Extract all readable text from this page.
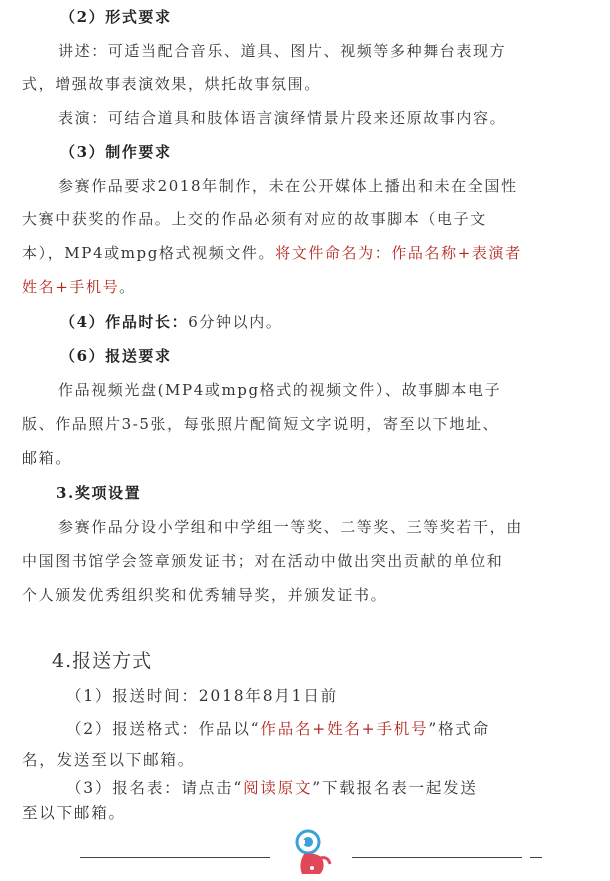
（2）形式要求
讲述：可适当配合音乐、道具、图片、视频等多种舞台表现方
式，增强故事表演效果，烘托故事氛围。
表演：可结合道具和肢体语言演绎情景片段来还原故事内容。
（3）制作要求
参赛作品要求2018年制作，未在公开媒体上播出和未在全国性
大赛中获奖的作品。上交的作品必须有对应的故事脚本（电子文
本），MP4或mpg格式视频文件。将文件命名为：作品名称+表演者
姓名+手机号。
（4）作品时长：6分钟以内。
（6）报送要求
作品视频光盘(MP4或mpg格式的视频文件）、故事脚本电子
版、作品照片3-5张，每张照片配简短文字说明，寄至以下地址、
邮箱。
3.奖项设置
参赛作品分设小学组和中学组一等奖、二等奖、三等奖若干，由
中国图书馆学会签章颁发证书；对在活动中做出突出贡献的单位和
个人颁发优秀组织奖和优秀辅导奖，并颁发证书。
4.报送方式
（1）报送时间：2018年8月1日前
（2）报送格式：作品以“作品名+姓名+手机号”格式命
名，发送至以下邮箱。
（3）报名表：请点击“阅读原文”下载报名表一起发送
至以下邮箱。
